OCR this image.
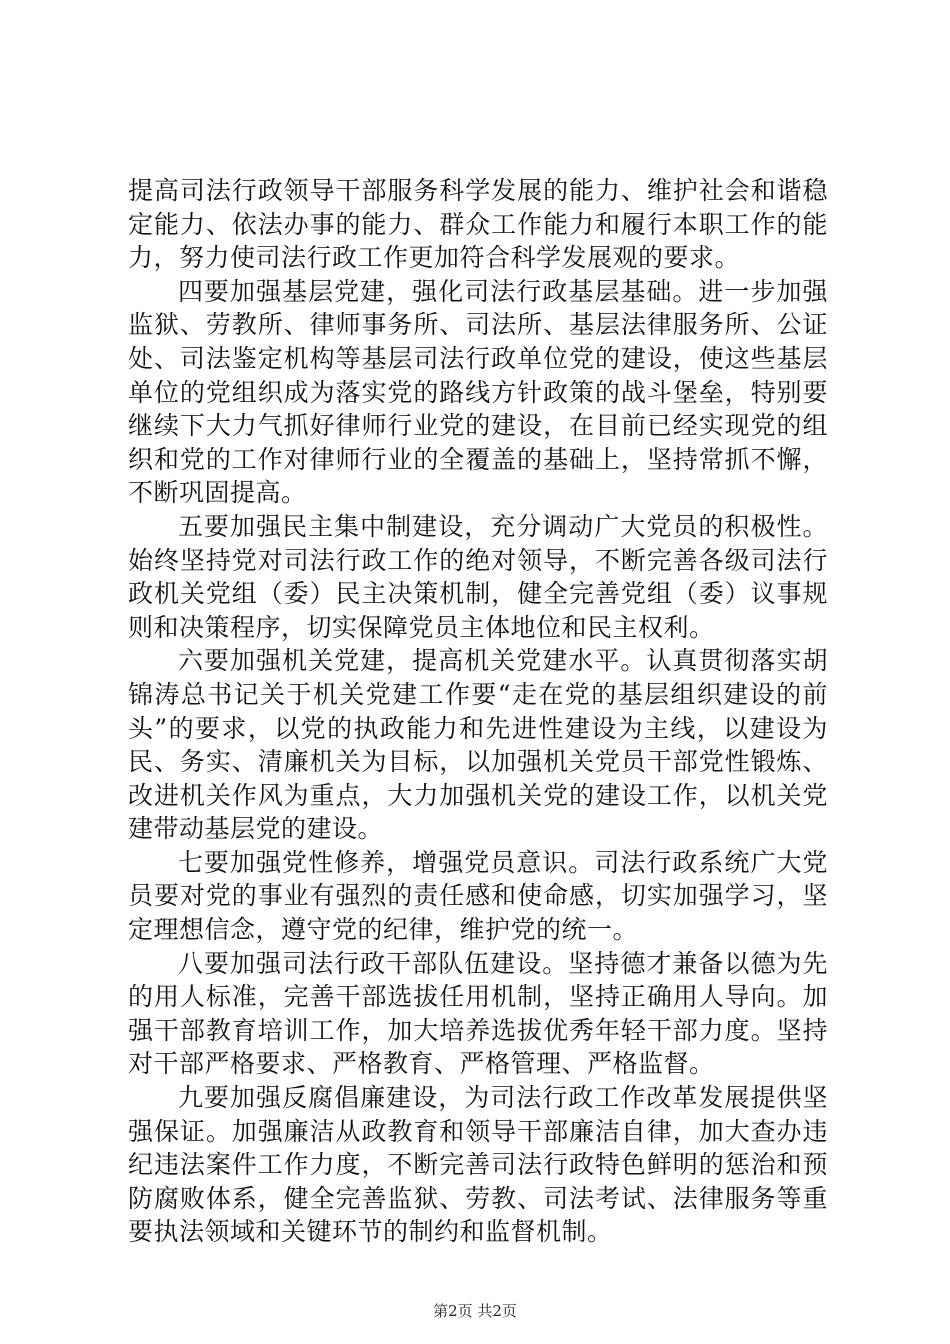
提高司法行政领导干部服务科学发展的能力、维护社会和谐稳定能力、依法办事的能力、群众工作能力和履行本职工作的能力，努力使司法行政工作更加符合科学发展观的要求。

四要加强基层党建，强化司法行政基层基础。进一步加强监狱、劳教所、律师事务所、司法所、基层法律服务所、公证处、司法鉴定机构等基层司法行政单位党的建设，使这些基层单位的党组织成为落实党的路线方针政策的战斗堡垒，特别要继续下大力气抓好律师行业党的建设，在目前已经实现党的组织和党的工作对律师行业的全覆盖的基础上，坚持常抓不懈，不断巩固提高。

五要加强民主集中制建设，充分调动广大党员的积极性。始终坚持党对司法行政工作的绝对领导，不断完善各级司法行政机关党组（委）民主决策机制，健全完善党组（委）议事规则和决策程序，切实保障党员主体地位和民主权利。

六要加强机关党建，提高机关党建水平。认真贯彻落实胡锦涛总书记关于机关党建工作要“走在党的基层组织建设的前头”的要求，以党的执政能力和先进性建设为主线，以建设为民、务实、清廉机关为目标，以加强机关党员干部党性锻炼、改进机关作风为重点，大力加强机关党的建设工作，以机关党建带动基层党的建设。

七要加强党性修养，增强党员意识。司法行政系统广大党员要对党的事业有强烈的责任感和使命感，切实加强学习，坚定理想信念，遵守党的纪律，维护党的统一。

八要加强司法行政干部队伍建设。坚持德才兼备以德为先的用人标准，完善干部选拔任用机制，坚持正确用人导向。加强干部教育培训工作，加大培养选拔优秀年轻干部力度。坚持对干部严格要求、严格教育、严格管理、严格监督。

九要加强反腐倡廉建设，为司法行政工作改革发展提供坚强保证。加强廉洁从政教育和领导干部廉洁自律，加大查办违纪违法案件工作力度，不断完善司法行政特色鲜明的惩治和预防腐败体系，健全完善监狱、劳教、司法考试、法律服务等重要执法领域和关键环节的制约和监督机制。

第2页 共2页
